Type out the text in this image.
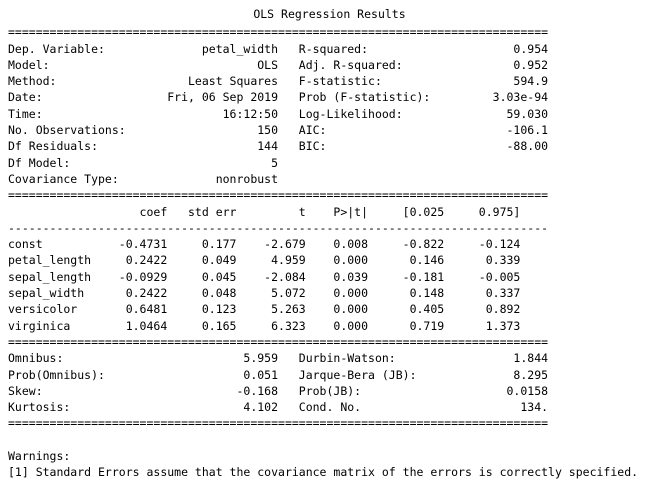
OLS Regression Results
==============================================================================
Dep. Variable:              petal_width   R-squared:                     0.954
Model:                              OLS   Adj. R-squared:                0.952
Method:                   Least Squares   F-statistic:                   594.9
Date:                  Fri, 06 Sep 2019   Prob (F-statistic):         3.03e-94
Time:                          16:12:50   Log-Likelihood:               59.030
No. Observations:                   150   AIC:                          -106.1
Df Residuals:                       144   BIC:                          -88.00
Df Model:                             5
Covariance Type:              nonrobust
==============================================================================
coef   std err         t    P>|t|     [0.025     0.975]
------------------------------------------------------------------------------
const           -0.4731     0.177    -2.679    0.008     -0.822     -0.124
petal_length     0.2422     0.049     4.959    0.000      0.146      0.339
sepal_length    -0.0929     0.045    -2.084    0.039     -0.181     -0.005
sepal_width      0.2422     0.048     5.072    0.000      0.148      0.337
versicolor       0.6481     0.123     5.263    0.000      0.405      0.892
virginica        1.0464     0.165     6.323    0.000      0.719      1.373
==============================================================================
Omnibus:                          5.959   Durbin-Watson:                 1.844
Prob(Omnibus):                    0.051   Jarque-Bera (JB):              8.295
Skew:                            -0.168   Prob(JB):                     0.0158
Kurtosis:                         4.102   Cond. No.                       134.
==============================================================================

Warnings:
[1] Standard Errors assume that the covariance matrix of the errors is correctly specified.
